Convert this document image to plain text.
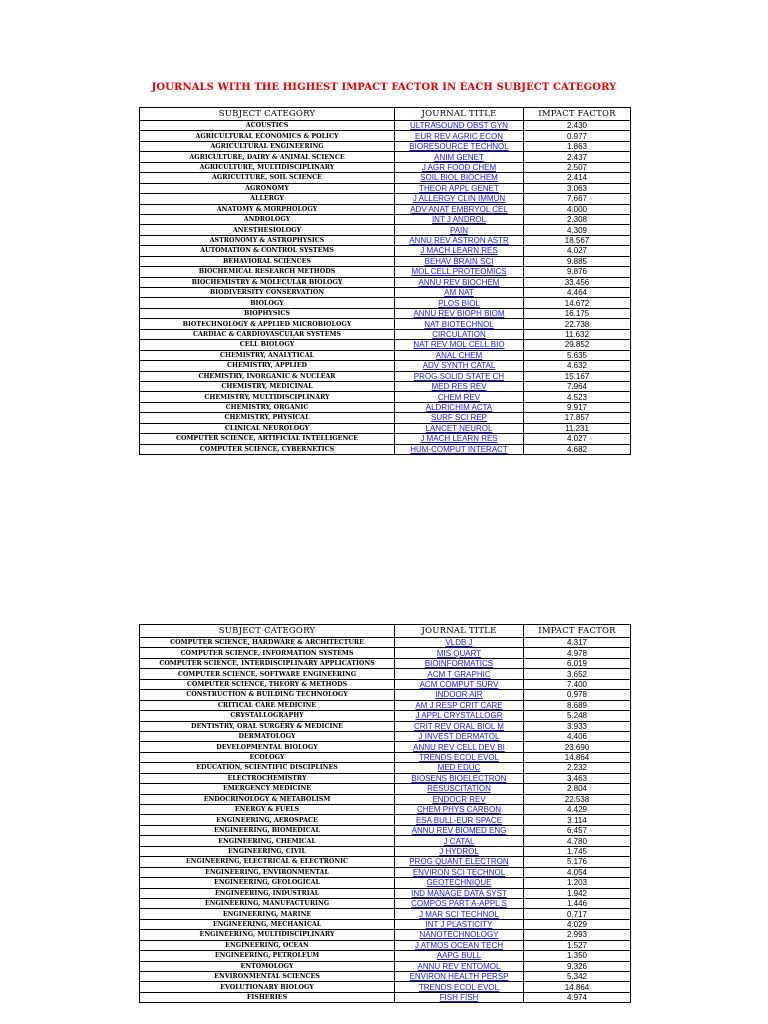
JOURNALS WITH THE HIGHEST IMPACT FACTOR IN EACH SUBJECT CATEGORY
SUBJECT CATEGORY	JOURNAL TITLE	IMPACT FACTOR
ACOUSTICS	ULTRASOUND OBST GYN	2.430
AGRICULTURAL ECONOMICS & POLICY	EUR REV AGRIC ECON	0.977
AGRICULTURAL ENGINEERING	BIORESOURCE TECHNOL	1.863
AGRICULTURE, DAIRY & ANIMAL SCIENCE	ANIM GENET	2.437
AGRICULTURE, MULTIDISCIPLINARY	J AGR FOOD CHEM	2.507
AGRICULTURE, SOIL SCIENCE	SOIL BIOL BIOCHEM	2.414
AGRONOMY	THEOR APPL GENET	3.063
ALLERGY	J ALLERGY CLIN IMMUN	7.667
ANATOMY & MORPHOLOGY	ADV ANAT EMBRYOL CEL	4.000
ANDROLOGY	INT J ANDROL	2.308
ANESTHESIOLOGY	PAIN	4.309
ASTRONOMY & ASTROPHYSICS	ANNU REV ASTRON ASTR	18.567
AUTOMATION & CONTROL SYSTEMS	J MACH LEARN RES	4.027
BEHAVIORAL SCIENCES	BEHAV BRAIN SCI	9.885
BIOCHEMICAL RESEARCH METHODS	MOL CELL PROTEOMICS	9.876
BIOCHEMISTRY & MOLECULAR BIOLOGY	ANNU REV BIOCHEM	33.456
BIODIVERSITY CONSERVATION	AM NAT	4.464
BIOLOGY	PLOS BIOL	14.672
BIOPHYSICS	ANNU REV BIOPH BIOM	16.175
BIOTECHNOLOGY & APPLIED MICROBIOLOGY	NAT BIOTECHNOL	22.738
CARDIAC & CARDIOVASCULAR SYSTEMS	CIRCULATION	11.632
CELL BIOLOGY	NAT REV MOL CELL BIO	29.852
CHEMISTRY, ANALYTICAL	ANAL CHEM	5.635
CHEMISTRY, APPLIED	ADV SYNTH CATAL	4.632
CHEMISTRY, INORGANIC & NUCLEAR	PROG SOLID STATE CH	15.167
CHEMISTRY, MEDICINAL	MED RES REV	7.964
CHEMISTRY, MULTIDISCIPLINARY	CHEM REV	4.523
CHEMISTRY, ORGANIC	ALDRICHIM ACTA	9.917
CHEMISTRY, PHYSICAL	SURF SCI REP	17.857
CLINICAL NEUROLOGY	LANCET NEUROL	11.231
COMPUTER SCIENCE, ARTIFICIAL INTELLIGENCE	J MACH LEARN RES	4.027
COMPUTER SCIENCE, CYBERNETICS	HUM-COMPUT INTERACT	4.682
SUBJECT CATEGORY	JOURNAL TITLE	IMPACT FACTOR
COMPUTER SCIENCE, HARDWARE & ARCHITECTURE	VLDB J	4.317
COMPUTER SCIENCE, INFORMATION SYSTEMS	MIS QUART	4.978
COMPUTER SCIENCE, INTERDISCIPLINARY APPLICATIONS	BIOINFORMATICS	6.019
COMPUTER SCIENCE, SOFTWARE ENGINEERING	ACM T GRAPHIC	3.652
COMPUTER SCIENCE, THEORY & METHODS	ACM COMPUT SURV	7.400
CONSTRUCTION & BUILDING TECHNOLOGY	INDOOR AIR	0.978
CRITICAL CARE MEDICINE	AM J RESP CRIT CARE	8.689
CRYSTALLOGRAPHY	J APPL CRYSTALLOGR	5.248
DENTISTRY, ORAL SURGERY & MEDICINE	CRIT REV ORAL BIOL M	3.933
DERMATOLOGY	J INVEST DERMATOL	4.406
DEVELOPMENTAL BIOLOGY	ANNU REV CELL DEV BI	23.690
ECOLOGY	TRENDS ECOL EVOL	14.864
EDUCATION, SCIENTIFIC DISCIPLINES	MED EDUC	2.232
ELECTROCHEMISTRY	BIOSENS BIOELECTRON	3.463
EMERGENCY MEDICINE	RESUSCITATION	2.804
ENDOCRINOLOGY & METABOLISM	ENDOCR REV	22.538
ENERGY & FUELS	CHEM PHYS CARBON	4.429
ENGINEERING, AEROSPACE	ESA BULL-EUR SPACE	3.114
ENGINEERING, BIOMEDICAL	ANNU REV BIOMED ENG	6.457
ENGINEERING, CHEMICAL	J CATAL	4.780
ENGINEERING, CIVIL	J HYDROL	1.745
ENGINEERING, ELECTRICAL & ELECTRONIC	PROG QUANT ELECTRON	5.176
ENGINEERING, ENVIRONMENTAL	ENVIRON SCI TECHNOL	4.054
ENGINEERING, GEOLOGICAL	GEOTECHNIQUE	1.203
ENGINEERING, INDUSTRIAL	IND MANAGE DATA SYST	1.942
ENGINEERING, MANUFACTURING	COMPOS PART A-APPL S	1.446
ENGINEERING, MARINE	J MAR SCI TECHNOL	0.717
ENGINEERING, MECHANICAL	INT J PLASTICITY	4.029
ENGINEERING, MULTIDISCIPLINARY	NANOTECHNOLOGY	2.993
ENGINEERING, OCEAN	J ATMOS OCEAN TECH	1.527
ENGINEERING, PETROLEUM	AAPG BULL	1.350
ENTOMOLOGY	ANNU REV ENTOMOL	9.326
ENVIRONMENTAL SCIENCES	ENVIRON HEALTH PERSP	5.342
EVOLUTIONARY BIOLOGY	TRENDS ECOL EVOL	14.864
FISHERIES	FISH FISH	4.974
